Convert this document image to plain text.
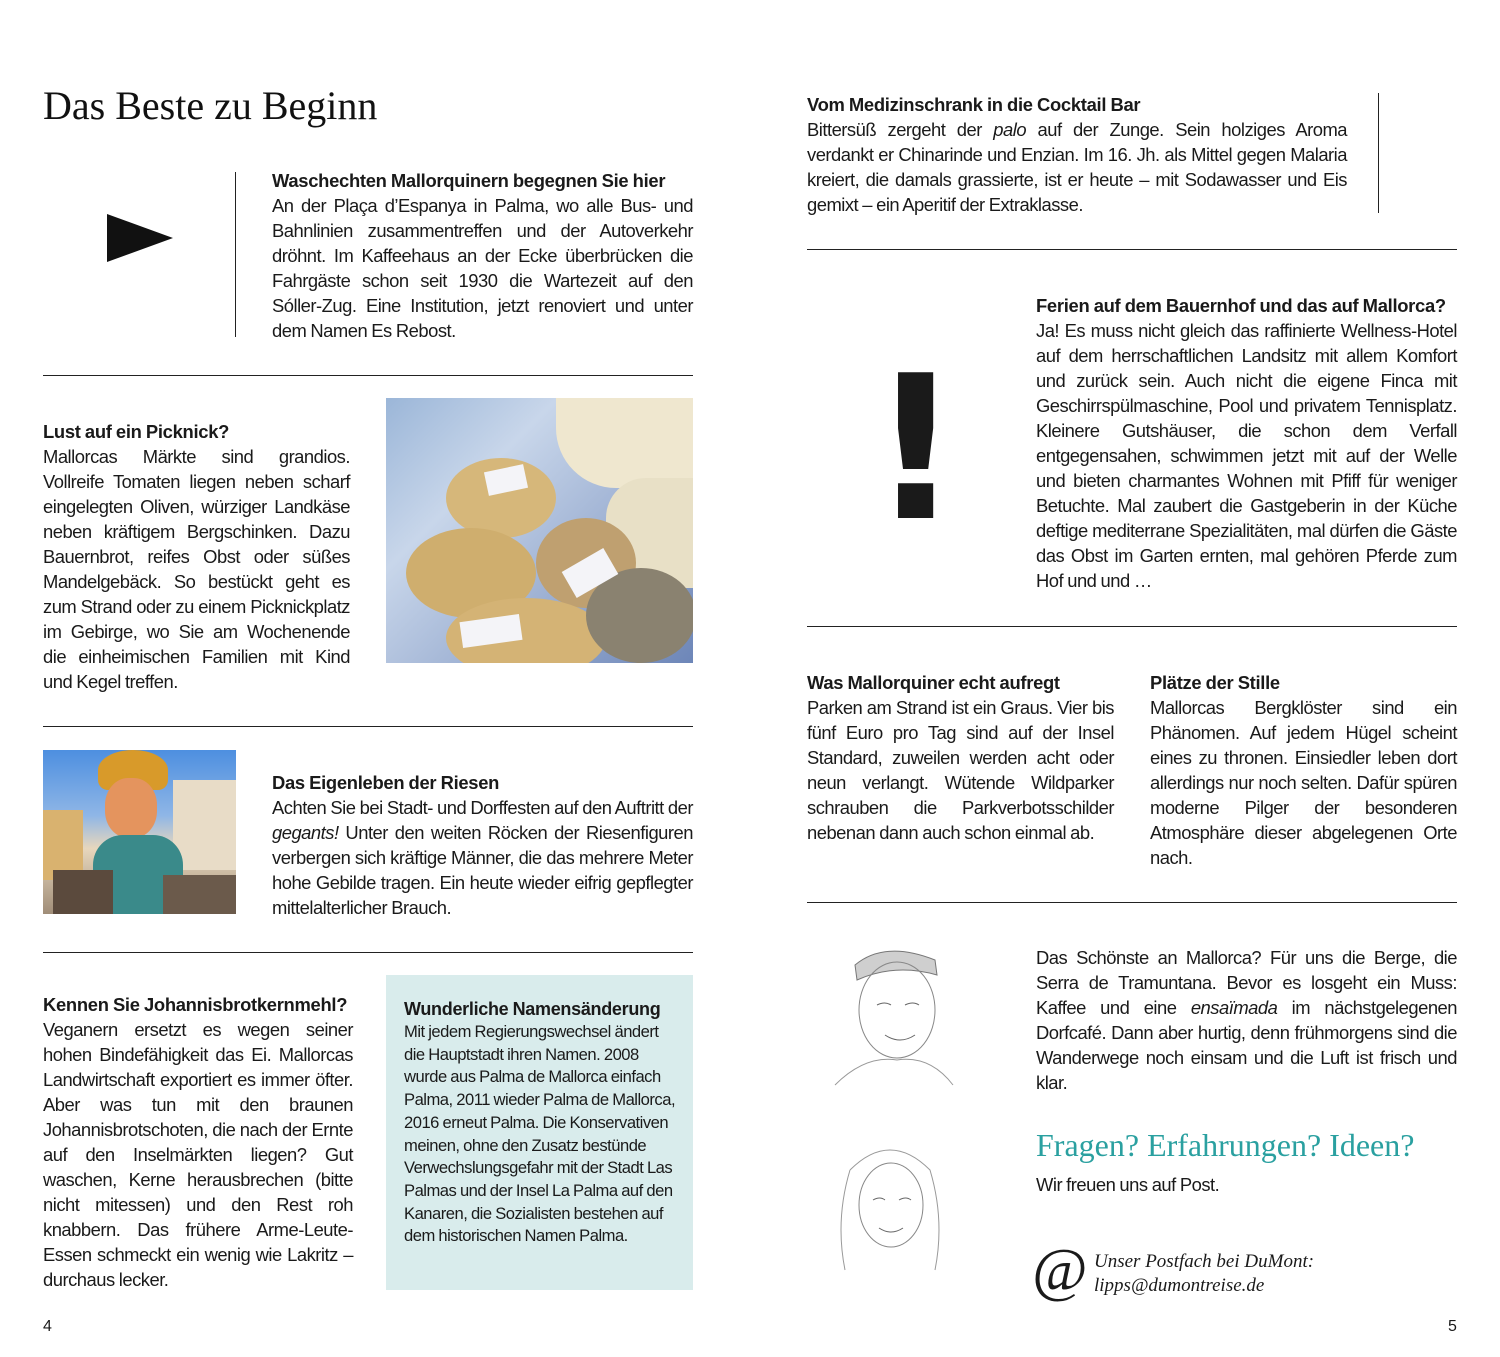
Das Beste zu Beginn
Waschechten Mallorquinern begegnen Sie hier

An der Plaça d’Espanya in Palma, wo alle Bus- und Bahnlinien zusammentreffen und der Autoverkehr dröhnt. Im Kaffeehaus an der Ecke überbrücken die Fahrgäste schon seit 1930 die Wartezeit auf den Sóller-Zug. Eine Institution, jetzt renoviert und unter dem Namen Es Rebost.

Lust auf ein Picknick?

Mallorcas Märkte sind grandios. Vollreife Tomaten liegen neben scharf eingelegten Oliven, würziger Landkäse neben kräftigem Bergschinken. Dazu Bauernbrot, reifes Obst oder süßes Mandelgebäck. So bestückt geht es zum Strand oder zu einem Picknickplatz im Gebirge, wo Sie am Wochenende die einheimischen Familien mit Kind und Kegel treffen.

Das Eigenleben der Riesen

Achten Sie bei Stadt- und Dorffesten auf den Auftritt der gegants! Unter den weiten Röcken der Riesenfiguren verbergen sich kräftige Männer, die das mehrere Meter hohe Gebilde tragen. Ein heute wieder eifrig gepflegter mittelalterlicher Brauch.

Kennen Sie Johannisbrotkernmehl?

Veganern ersetzt es wegen seiner hohen Bindefähigkeit das Ei. Mallorcas Landwirtschaft exportiert es immer öfter. Aber was tun mit den braunen Johannisbrotschoten, die nach der Ernte auf den Inselmärkten liegen? Gut waschen, Kerne herausbrechen (bitte nicht mitessen) und den Rest roh knabbern. Das frühere Arme-Leute-Essen schmeckt ein wenig wie Lakritz – durchaus lecker.

Wunderliche Namensänderung

Mit jedem Regierungswechsel ändert die Hauptstadt ihren Namen. 2008 wurde aus Palma de Mallorca einfach Palma, 2011 wieder Palma de Mallorca, 2016 erneut Palma. Die Konservativen meinen, ohne den Zusatz bestünde Verwechslungsgefahr mit der Stadt Las Palmas und der Insel La Palma auf den Kanaren, die Sozialisten bestehen auf dem historischen Namen Palma.

4
Vom Medizinschrank in die Cocktail Bar

Bittersüß zergeht der palo auf der Zunge. Sein holziges Aroma verdankt er Chinarinde und Enzian. Im 16. Jh. als Mittel gegen Malaria kreiert, die damals grassierte, ist er heute – mit Sodawasser und Eis gemixt – ein Aperitif der Extraklasse.

!
Ferien auf dem Bauernhof und das auf Mallorca?

Ja! Es muss nicht gleich das raffinierte Wellness-Hotel auf dem herrschaftlichen Landsitz mit allem Komfort und zurück sein. Auch nicht die eigene Finca mit Geschirrspülmaschine, Pool und privatem Tennisplatz. Kleinere Gutshäuser, die schon dem Verfall entgegensahen, schwimmen jetzt mit auf der Welle und bieten charmantes Wohnen mit Pfiff für weniger Betuchte. Mal zaubert die Gastgeberin in der Küche deftige mediterrane Spezialitäten, mal dürfen die Gäste das Obst im Garten ernten, mal gehören Pferde zum Hof und und …

Was Mallorquiner echt aufregt

Parken am Strand ist ein Graus. Vier bis fünf Euro pro Tag sind auf der Insel Standard, zuweilen werden acht oder neun verlangt. Wütende Wildparker schrauben die Parkverbotsschilder nebenan dann auch schon einmal ab.

Plätze der Stille

Mallorcas Bergklöster sind ein Phänomen. Auf jedem Hügel scheint eines zu thronen. Einsiedler leben dort allerdings nur noch selten. Dafür spüren moderne Pilger der besonderen Atmosphäre dieser abgelegenen Orte nach.

Das Schönste an Mallorca? Für uns die Berge, die Serra de Tramuntana. Bevor es losgeht ein Muss: Kaffee und eine ensaïmada im nächstgelegenen Dorfcafé. Dann aber hurtig, denn frühmorgens sind die Wanderwege noch einsam und die Luft ist frisch und klar.

Fragen? Erfahrungen? Ideen?
Wir freuen uns auf Post.
@ Unser Postfach bei DuMont:
lipps@dumontreise.de
5
